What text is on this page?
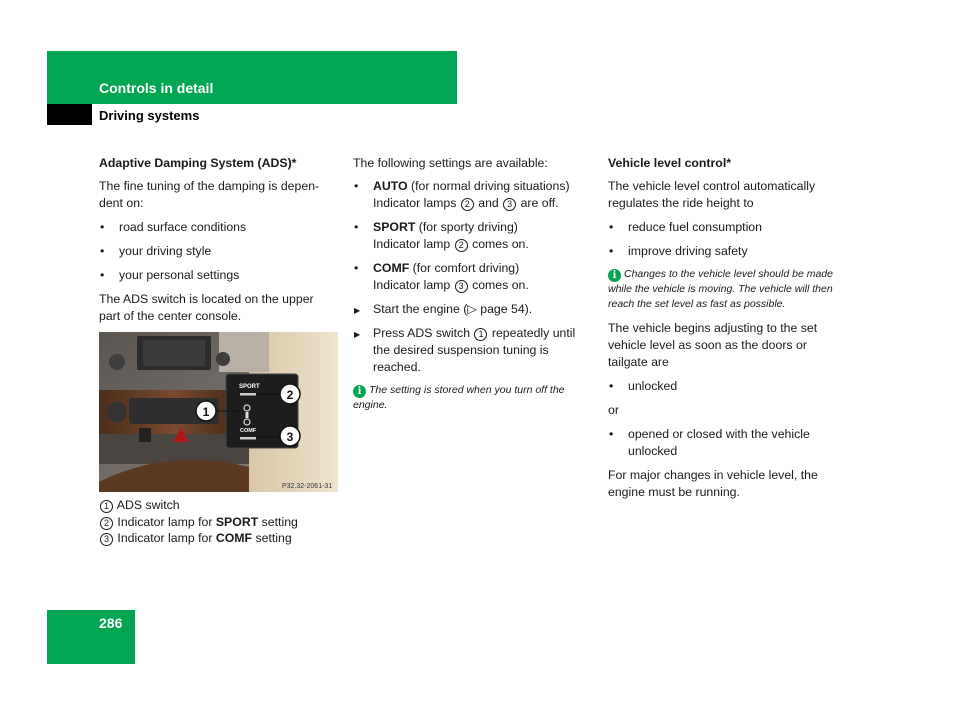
Controls in detail
Driving systems
Adaptive Damping System (ADS)*
The fine tuning of the damping is depen-
dent on:
• road surface conditions
• your driving style
• your personal settings
The ADS switch is located on the upper
part of the center console.
SPORT
COMF
1
2
3
P32.32-2061-31
1 ADS switch
2 Indicator lamp for SPORT setting
3 Indicator lamp for COMF setting
The following settings are available:
• AUTO (for normal driving situations)
Indicator lamps 2 and 3 are off.
• SPORT (for sporty driving)
Indicator lamp 2 comes on.
• COMF (for comfort driving)
Indicator lamp 3 comes on.
▶ Start the engine (▷ page 54).
▶ Press ADS switch 1 repeatedly until
the desired suspension tuning is
reached.
i The setting is stored when you turn off the
engine.
Vehicle level control*
The vehicle level control automatically
regulates the ride height to
• reduce fuel consumption
• improve driving safety
i Changes to the vehicle level should be made
while the vehicle is moving. The vehicle will then
reach the set level as fast as possible.
The vehicle begins adjusting to the set
vehicle level as soon as the doors or
tailgate are
• unlocked
or
• opened or closed with the vehicle
unlocked
For major changes in vehicle level, the
engine must be running.
286
